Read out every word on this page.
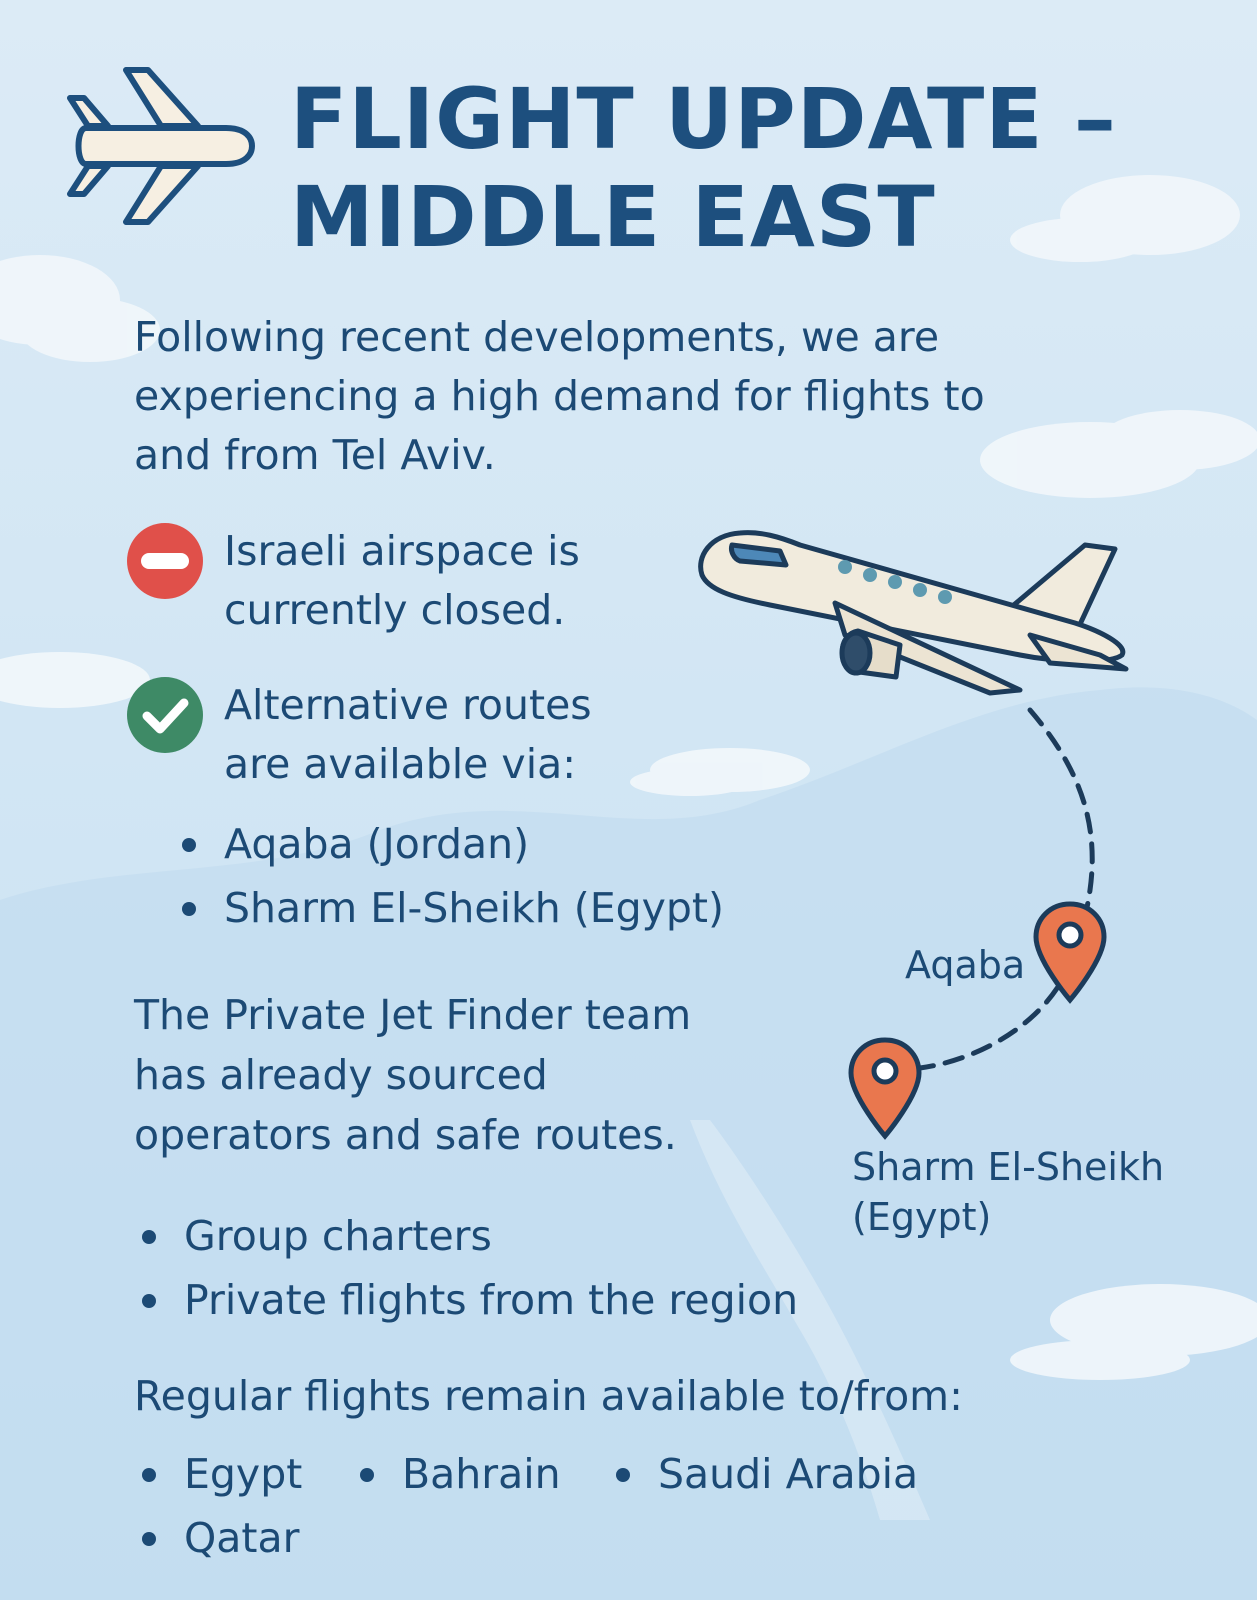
FLIGHT UPDATE –
MIDDLE EAST
Following recent developments, we are experiencing a high demand for flights to and from Tel Aviv.
Israeli airspace is
currently closed.
Alternative routes
are available via:
Aqaba (Jordan)
Sharm El-Sheikh (Egypt)
The Private Jet Finder team
has already sourced
operators and safe routes.
Group charters
Private flights from the region
Regular flights remain available to/from:
Egypt Bahrain Saudi Arabia
Qatar
Aqaba
Sharm El-Sheikh
(Egypt)
